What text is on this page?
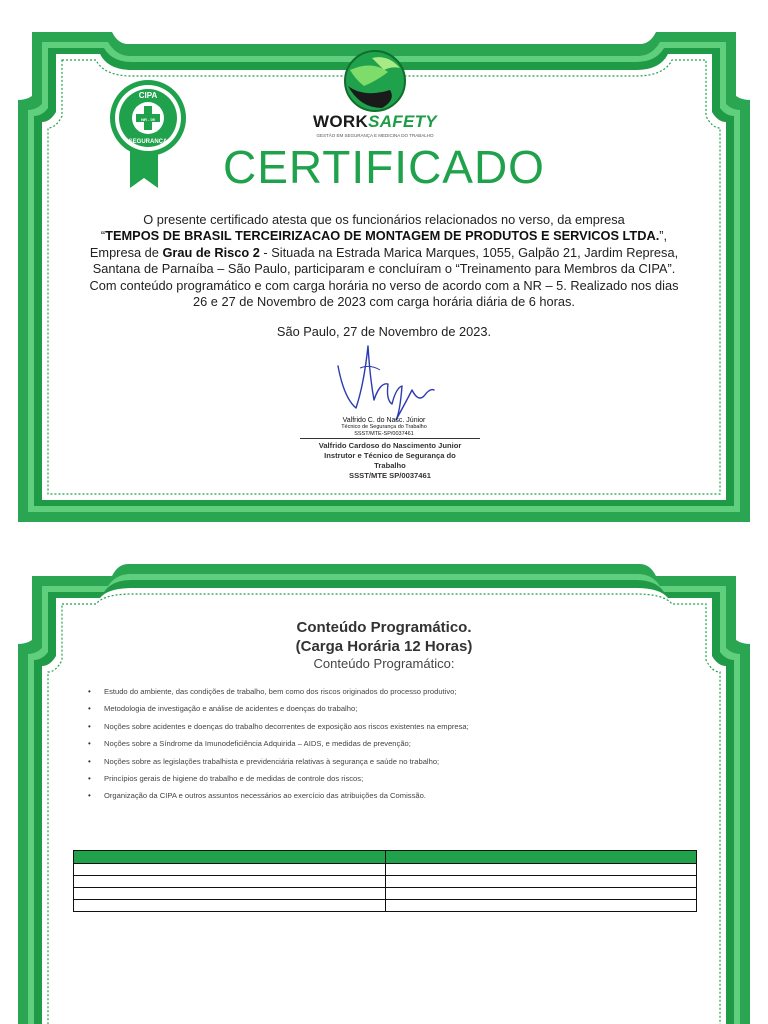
CIPA
NR - 05
SEGURANÇA
WORKSAFETY
GESTÃO EM SEGURANÇA E MEDICINA DO TRABALHO
CERTIFICADO
O presente certificado atesta que os funcionários relacionados no verso, da empresa
“TEMPOS DE BRASIL TERCEIRIZACAO DE MONTAGEM DE PRODUTOS E SERVICOS LTDA.”,
Empresa de Grau de Risco 2 - Situada na Estrada Marica Marques, 1055, Galpão 21, Jardim Represa,
Santana de Parnaíba – São Paulo, participaram e concluíram o “Treinamento para Membros da CIPA”.
Com conteúdo programático e com carga horária no verso de acordo com a NR – 5. Realizado nos dias
26 e 27 de Novembro de 2023 com carga horária diária de 6 horas.
São Paulo, 27 de Novembro de 2023.
Valfrido C. do Nasc. Júnior
Técnico de Segurança do Trabalho
SSST/MTE-SP/0037461
Valfrido Cardoso do Nascimento Junior
Instrutor e Técnico de Segurança do
Trabalho
SSST/MTE SP/0037461
Conteúdo Programático.
(Carga Horária 12 Horas)
Conteúdo Programático:
• Estudo do ambiente, das condições de trabalho, bem como dos riscos originados do processo produtivo;
• Metodologia de investigação e análise de acidentes e doenças do trabalho;
• Noções sobre acidentes e doenças do trabalho decorrentes de exposição aos riscos existentes na empresa;
• Noções sobre a Síndrome da Imunodeficiência Adquirida – AIDS, e medidas de prevenção;
• Noções sobre as legislações trabalhista e previdenciária relativas à segurança e saúde no trabalho;
• Princípios gerais de higiene do trabalho e de medidas de controle dos riscos;
• Organização da CIPA e outros assuntos necessários ao exercício das atribuições da Comissão.
